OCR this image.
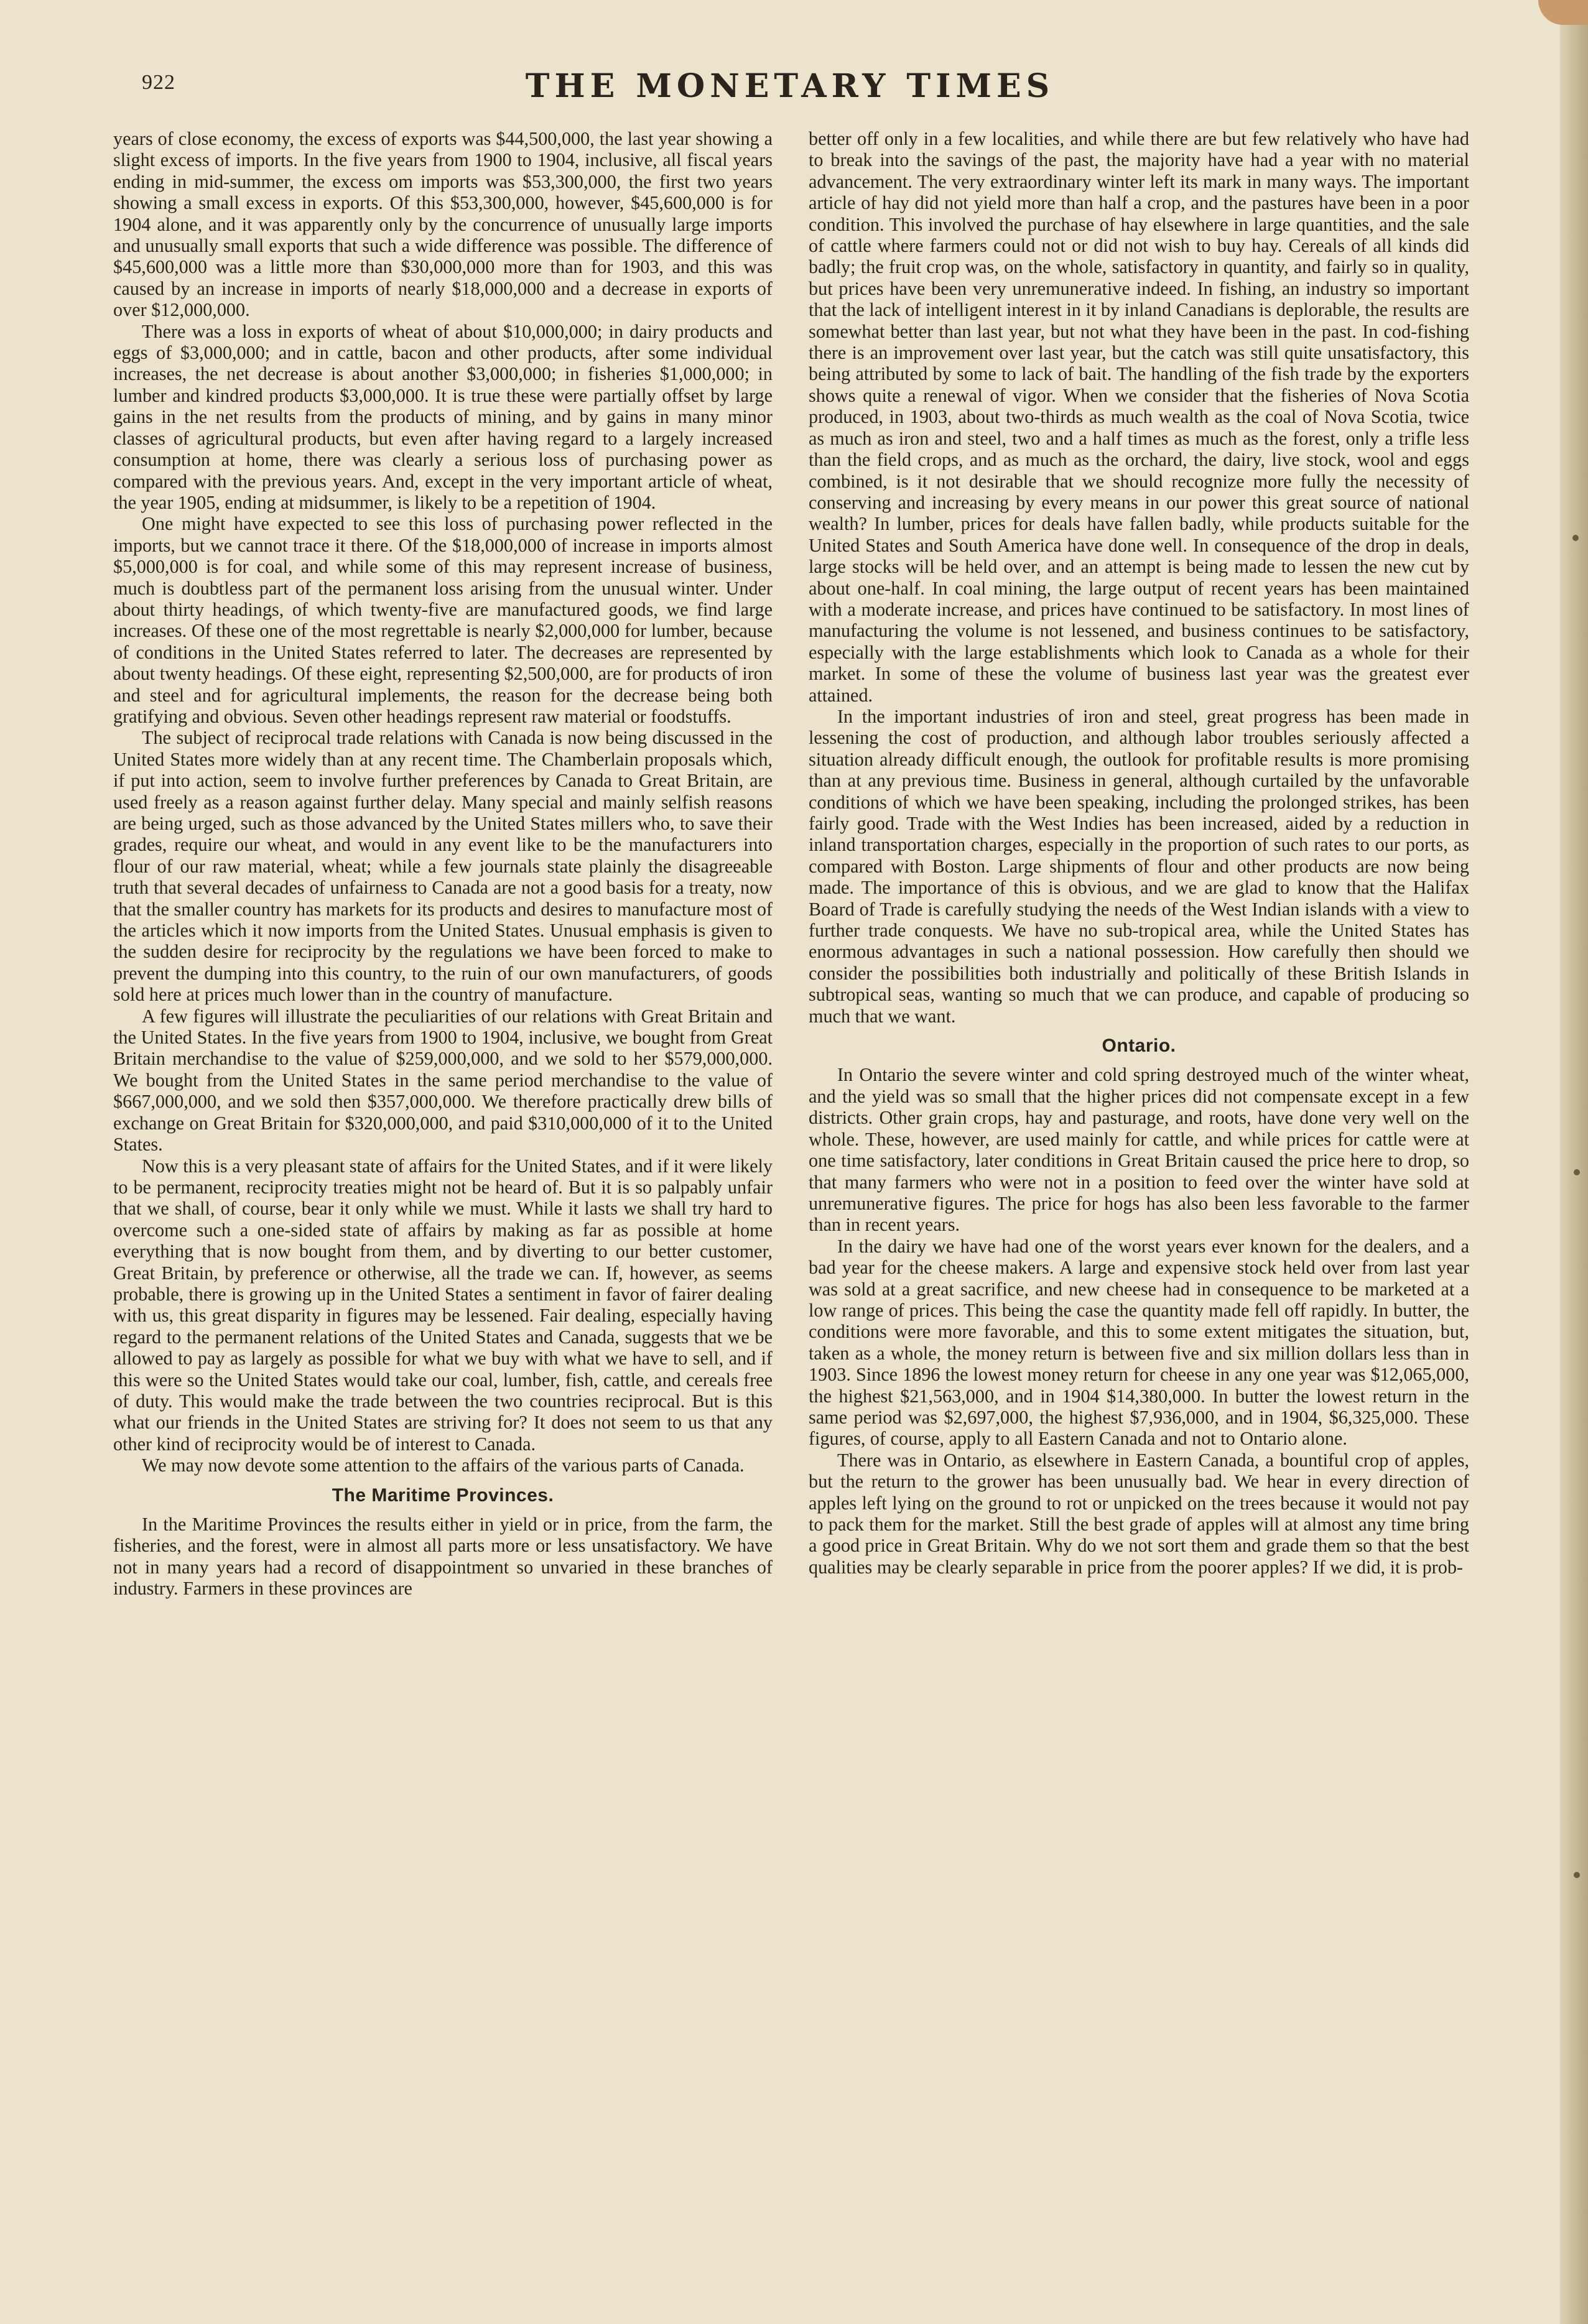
922	THE MONETARY TIMES

years of close economy, the excess of exports was $44,500,000, the last year showing a slight excess of imports. In the five years from 1900 to 1904, inclusive, all fiscal years ending in mid-summer, the excess om imports was $53,300,000, the first two years showing a small excess in exports. Of this $53,300,000, however, $45,600,000 is for 1904 alone, and it was apparently only by the concurrence of unusually large imports and unusually small exports that such a wide difference was possible. The difference of $45,600,000 was a little more than $30,000,000 more than for 1903, and this was caused by an increase in imports of nearly $18,000,000 and a decrease in exports of over $12,000,000.

There was a loss in exports of wheat of about $10,000,000; in dairy products and eggs of $3,000,000; and in cattle, bacon and other products, after some individual increases, the net decrease is about another $3,000,000; in fisheries $1,000,000; in lumber and kindred products $3,000,000. It is true these were partially offset by large gains in the net results from the products of mining, and by gains in many minor classes of agricultural products, but even after having regard to a largely increased consumption at home, there was clearly a serious loss of purchasing power as compared with the previous years. And, except in the very important article of wheat, the year 1905, ending at midsummer, is likely to be a repetition of 1904.

One might have expected to see this loss of purchasing power reflected in the imports, but we cannot trace it there. Of the $18,000,000 of increase in imports almost $5,000,000 is for coal, and while some of this may represent increase of business, much is doubtless part of the permanent loss arising from the unusual winter. Under about thirty headings, of which twenty-five are manufactured goods, we find large increases. Of these one of the most regrettable is nearly $2,000,000 for lumber, because of conditions in the United States referred to later. The decreases are represented by about twenty headings. Of these eight, representing $2,500,000, are for products of iron and steel and for agricultural implements, the reason for the decrease being both gratifying and obvious. Seven other headings represent raw material or foodstuffs.

The subject of reciprocal trade relations with Canada is now being discussed in the United States more widely than at any recent time. The Chamberlain proposals which, if put into action, seem to involve further preferences by Canada to Great Britain, are used freely as a reason against further delay. Many special and mainly selfish reasons are being urged, such as those advanced by the United States millers who, to save their grades, require our wheat, and would in any event like to be the manufacturers into flour of our raw material, wheat; while a few journals state plainly the disagreeable truth that several decades of unfairness to Canada are not a good basis for a treaty, now that the smaller country has markets for its products and desires to manufacture most of the articles which it now imports from the United States. Unusual emphasis is given to the sudden desire for reciprocity by the regulations we have been forced to make to prevent the dumping into this country, to the ruin of our own manufacturers, of goods sold here at prices much lower than in the country of manufacture.

A few figures will illustrate the peculiarities of our relations with Great Britain and the United States. In the five years from 1900 to 1904, inclusive, we bought from Great Britain merchandise to the value of $259,000,000, and we sold to her $579,000,000. We bought from the United States in the same period merchandise to the value of $667,000,000, and we sold then $357,000,000. We therefore practically drew bills of exchange on Great Britain for $320,000,000, and paid $310,000,000 of it to the United States.

Now this is a very pleasant state of affairs for the United States, and if it were likely to be permanent, reciprocity treaties might not be heard of. But it is so palpably unfair that we shall, of course, bear it only while we must. While it lasts we shall try hard to overcome such a one-sided state of affairs by making as far as possible at home everything that is now bought from them, and by diverting to our better customer, Great Britain, by preference or otherwise, all the trade we can. If, however, as seems probable, there is growing up in the United States a sentiment in favor of fairer dealing with us, this great disparity in figures may be lessened. Fair dealing, especially having regard to the permanent relations of the United States and Canada, suggests that we be allowed to pay as largely as possible for what we buy with what we have to sell, and if this were so the United States would take our coal, lumber, fish, cattle, and cereals free of duty. This would make the trade between the two countries reciprocal. But is this what our friends in the United States are striving for? It does not seem to us that any other kind of reciprocity would be of interest to Canada.

We may now devote some attention to the affairs of the various parts of Canada.

The Maritime Provinces.

In the Maritime Provinces the results either in yield or in price, from the farm, the fisheries, and the forest, were in almost all parts more or less unsatisfactory. We have not in many years had a record of disappointment so unvaried in these branches of industry. Farmers in these provinces are

better off only in a few localities, and while there are but few relatively who have had to break into the savings of the past, the majority have had a year with no material advancement. The very extraordinary winter left its mark in many ways. The important article of hay did not yield more than half a crop, and the pastures have been in a poor condition. This involved the purchase of hay elsewhere in large quantities, and the sale of cattle where farmers could not or did not wish to buy hay. Cereals of all kinds did badly; the fruit crop was, on the whole, satisfactory in quantity, and fairly so in quality, but prices have been very unremunerative indeed. In fishing, an industry so important that the lack of intelligent interest in it by inland Canadians is deplorable, the results are somewhat better than last year, but not what they have been in the past. In cod-fishing there is an improvement over last year, but the catch was still quite unsatisfactory, this being attributed by some to lack of bait. The handling of the fish trade by the exporters shows quite a renewal of vigor. When we consider that the fisheries of Nova Scotia produced, in 1903, about two-thirds as much wealth as the coal of Nova Scotia, twice as much as iron and steel, two and a half times as much as the forest, only a trifle less than the field crops, and as much as the orchard, the dairy, live stock, wool and eggs combined, is it not desirable that we should recognize more fully the necessity of conserving and increasing by every means in our power this great source of national wealth? In lumber, prices for deals have fallen badly, while products suitable for the United States and South America have done well. In consequence of the drop in deals, large stocks will be held over, and an attempt is being made to lessen the new cut by about one-half. In coal mining, the large output of recent years has been maintained with a moderate increase, and prices have continued to be satisfactory. In most lines of manufacturing the volume is not lessened, and business continues to be satisfactory, especially with the large establishments which look to Canada as a whole for their market. In some of these the volume of business last year was the greatest ever attained.

In the important industries of iron and steel, great progress has been made in lessening the cost of production, and although labor troubles seriously affected a situation already difficult enough, the outlook for profitable results is more promising than at any previous time. Business in general, although curtailed by the unfavorable conditions of which we have been speaking, including the prolonged strikes, has been fairly good. Trade with the West Indies has been increased, aided by a reduction in inland transportation charges, especially in the proportion of such rates to our ports, as compared with Boston. Large shipments of flour and other products are now being made. The importance of this is obvious, and we are glad to know that the Halifax Board of Trade is carefully studying the needs of the West Indian islands with a view to further trade conquests. We have no sub-tropical area, while the United States has enormous advantages in such a national possession. How carefully then should we consider the possibilities both industrially and politically of these British Islands in subtropical seas, wanting so much that we can produce, and capable of producing so much that we want.

Ontario.

In Ontario the severe winter and cold spring destroyed much of the winter wheat, and the yield was so small that the higher prices did not compensate except in a few districts. Other grain crops, hay and pasturage, and roots, have done very well on the whole. These, however, are used mainly for cattle, and while prices for cattle were at one time satisfactory, later conditions in Great Britain caused the price here to drop, so that many farmers who were not in a position to feed over the winter have sold at unremunerative figures. The price for hogs has also been less favorable to the farmer than in recent years.

In the dairy we have had one of the worst years ever known for the dealers, and a bad year for the cheese makers. A large and expensive stock held over from last year was sold at a great sacrifice, and new cheese had in consequence to be marketed at a low range of prices. This being the case the quantity made fell off rapidly. In butter, the conditions were more favorable, and this to some extent mitigates the situation, but, taken as a whole, the money return is between five and six million dollars less than in 1903. Since 1896 the lowest money return for cheese in any one year was $12,065,000, the highest $21,563,000, and in 1904 $14,380,000. In butter the lowest return in the same period was $2,697,000, the highest $7,936,000, and in 1904, $6,325,000. These figures, of course, apply to all Eastern Canada and not to Ontario alone.

There was in Ontario, as elsewhere in Eastern Canada, a bountiful crop of apples, but the return to the grower has been unusually bad. We hear in every direction of apples left lying on the ground to rot or unpicked on the trees because it would not pay to pack them for the market. Still the best grade of apples will at almost any time bring a good price in Great Britain. Why do we not sort them and grade them so that the best qualities may be clearly separable in price from the poorer apples? If we did, it is prob-
